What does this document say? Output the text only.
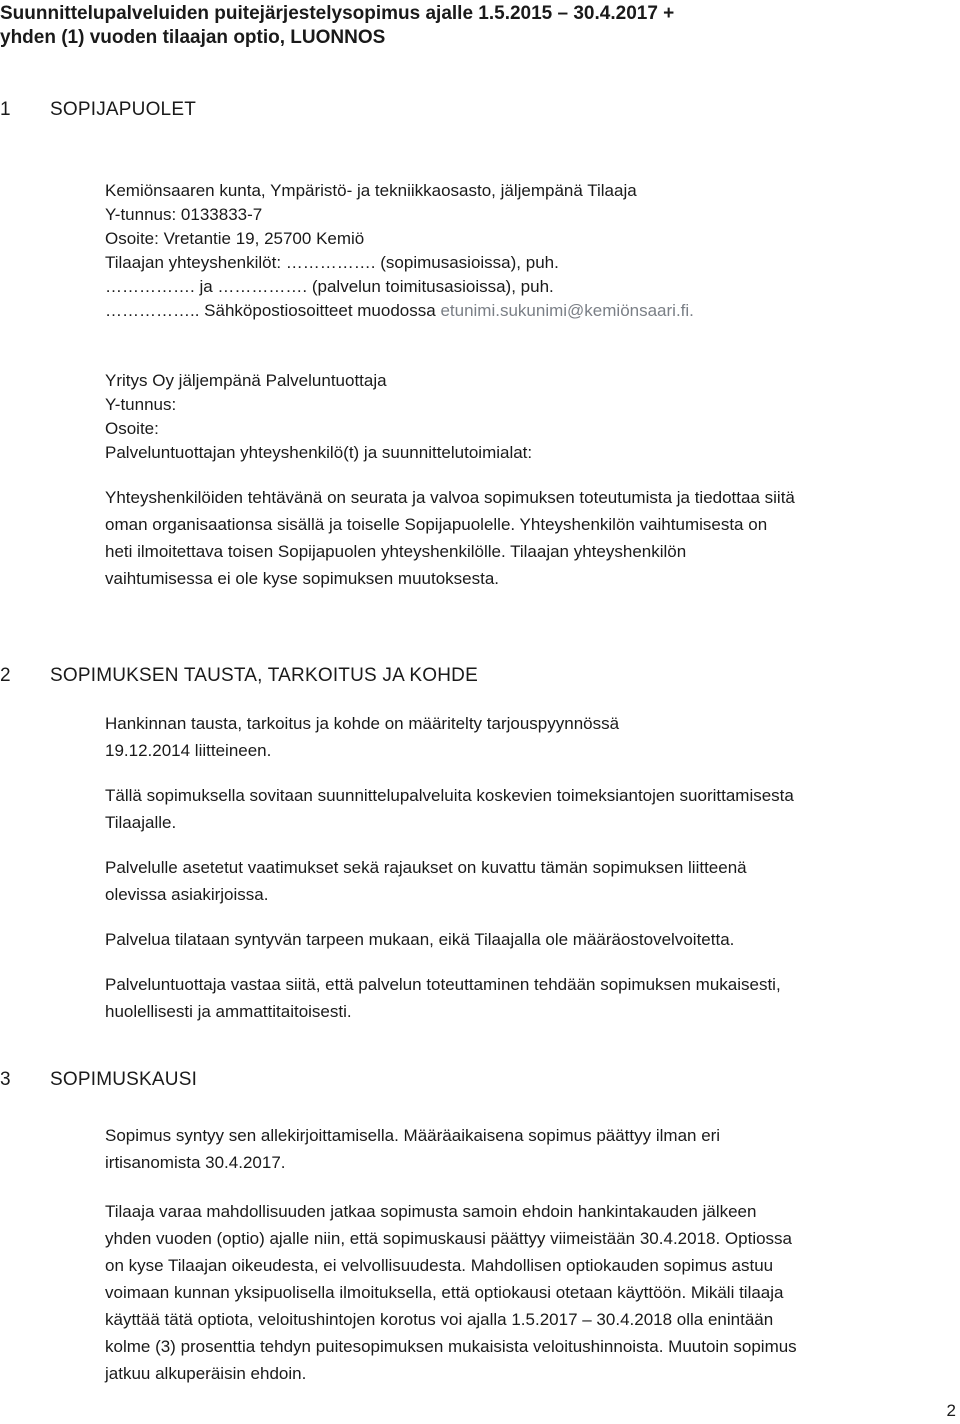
Suunnittelupalveluiden puitejärjestelysopimus ajalle 1.5.2015 – 30.4.2017 +
yhden (1) vuoden tilaajan optio, LUONNOS
1 SOPIJAPUOLET
Kemiönsaaren kunta, Ympäristö- ja tekniikkaosasto, jäljempänä Tilaaja
Y-tunnus: 0133833-7
Osoite: Vretantie 19, 25700 Kemiö
Tilaajan yhteyshenkilöt: ……………. (sopimusasioissa), puh.
……………. ja ……………. (palvelun toimitusasioissa), puh.
…………….. Sähköpostiosoitteet muodossa etunimi.sukunimi@kemiönsaari.fi.
Yritys Oy jäljempänä Palveluntuottaja
Y-tunnus:
Osoite:
Palveluntuottajan yhteyshenkilö(t) ja suunnittelutoimialat:
Yhteyshenkilöiden tehtävänä on seurata ja valvoa sopimuksen toteutumista ja tiedottaa siitä
oman organisaationsa sisällä ja toiselle Sopijapuolelle. Yhteyshenkilön vaihtumisesta on
heti ilmoitettava toisen Sopijapuolen yhteyshenkilölle. Tilaajan yhteyshenkilön
vaihtumisessa ei ole kyse sopimuksen muutoksesta.
2 SOPIMUKSEN TAUSTA, TARKOITUS JA KOHDE
Hankinnan tausta, tarkoitus ja kohde on määritelty tarjouspyynnössä
19.12.2014 liitteineen.
Tällä sopimuksella sovitaan suunnittelupalveluita koskevien toimeksiantojen suorittamisesta
Tilaajalle.
Palvelulle asetetut vaatimukset sekä rajaukset on kuvattu tämän sopimuksen liitteenä
olevissa asiakirjoissa.
Palvelua tilataan syntyvän tarpeen mukaan, eikä Tilaajalla ole määräostovelvoitetta.
Palveluntuottaja vastaa siitä, että palvelun toteuttaminen tehdään sopimuksen mukaisesti,
huolellisesti ja ammattitaitoisesti.
3 SOPIMUSKAUSI
Sopimus syntyy sen allekirjoittamisella. Määräaikaisena sopimus päättyy ilman eri
irtisanomista 30.4.2017.
Tilaaja varaa mahdollisuuden jatkaa sopimusta samoin ehdoin hankintakauden jälkeen
yhden vuoden (optio) ajalle niin, että sopimuskausi päättyy viimeistään 30.4.2018. Optiossa
on kyse Tilaajan oikeudesta, ei velvollisuudesta. Mahdollisen optiokauden sopimus astuu
voimaan kunnan yksipuolisella ilmoituksella, että optiokausi otetaan käyttöön. Mikäli tilaaja
käyttää tätä optiota, veloitushintojen korotus voi ajalla 1.5.2017 – 30.4.2018 olla enintään
kolme (3) prosenttia tehdyn puitesopimuksen mukaisista veloitushinnoista. Muutoin sopimus
jatkuu alkuperäisin ehdoin.
2
